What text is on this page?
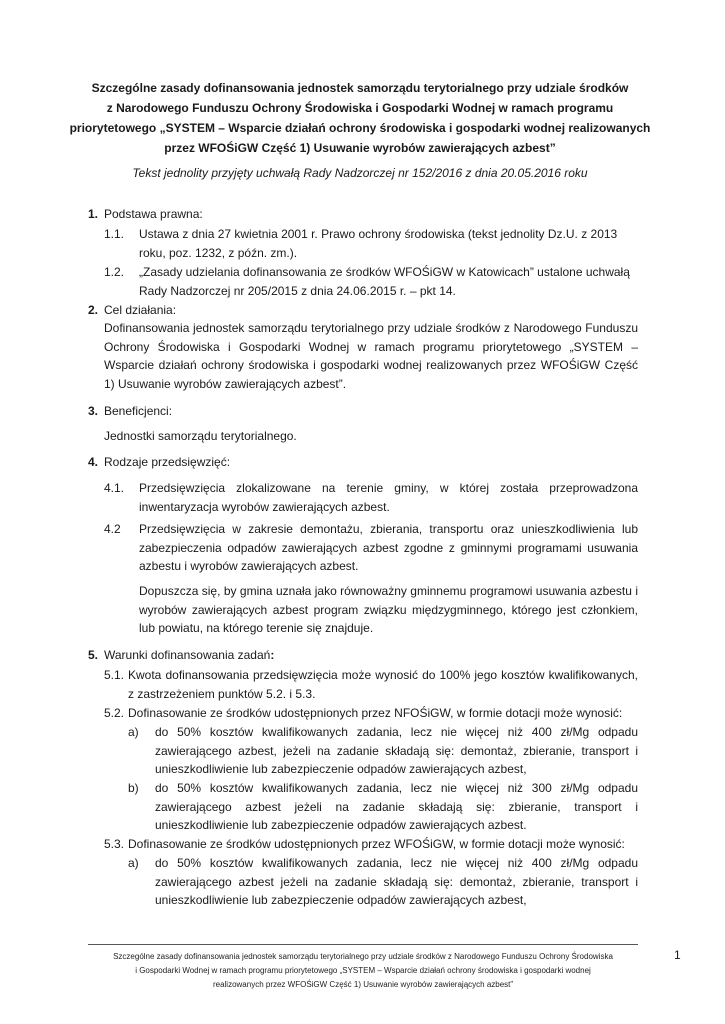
Szczególne zasady dofinansowania jednostek samorządu terytorialnego przy udziale środków
z Narodowego Funduszu Ochrony Środowiska i Gospodarki Wodnej w ramach programu
priorytetowego „SYSTEM – Wsparcie działań ochrony środowiska i gospodarki wodnej realizowanych
przez WFOŚiGW Część 1) Usuwanie wyrobów zawierających azbest”
Tekst jednolity przyjęty uchwałą Rady Nadzorczej nr 152/2016 z dnia 20.05.2016 roku
1. Podstawa prawna:
1.1. Ustawa z dnia 27 kwietnia 2001 r. Prawo ochrony środowiska (tekst jednolity Dz.U. z 2013
roku, poz. 1232, z późn. zm.).
1.2. „Zasady udzielania dofinansowania ze środków WFOŚiGW w Katowicach” ustalone uchwałą
Rady Nadzorczej nr 205/2015 z dnia 24.06.2015 r. – pkt 14.
2. Cel działania:
Dofinansowania jednostek samorządu terytorialnego przy udziale środków z Narodowego Funduszu Ochrony Środowiska i Gospodarki Wodnej w ramach programu priorytetowego „SYSTEM – Wsparcie działań ochrony środowiska i gospodarki wodnej realizowanych przez WFOŚiGW Część 1) Usuwanie wyrobów zawierających azbest”.
3. Beneficjenci:
Jednostki samorządu terytorialnego.
4. Rodzaje przedsięwzięć:
4.1. Przedsięwzięcia zlokalizowane na terenie gminy, w której została przeprowadzona inwentaryzacja wyrobów zawierających azbest.
4.2 Przedsięwzięcia w zakresie demontażu, zbierania, transportu oraz unieszkodliwienia lub zabezpieczenia odpadów zawierających azbest zgodne z gminnymi programami usuwania azbestu i wyrobów zawierających azbest.
Dopuszcza się, by gmina uznała jako równoważny gminnemu programowi usuwania azbestu i wyrobów zawierających azbest program związku międzygminnego, którego jest członkiem, lub powiatu, na którego terenie się znajduje.
5. Warunki dofinansowania zadań:
5.1. Kwota dofinansowania przedsięwzięcia może wynosić do 100% jego kosztów kwalifikowanych, z zastrzeżeniem punktów 5.2. i 5.3.
5.2. Dofinasowanie ze środków udostępnionych przez NFOŚiGW, w formie dotacji może wynosić:
a) do 50% kosztów kwalifikowanych zadania, lecz nie więcej niż 400 zł/Mg odpadu zawierającego azbest, jeżeli na zadanie składają się: demontaż, zbieranie, transport i unieszkodliwienie lub zabezpieczenie odpadów zawierających azbest,
b) do 50% kosztów kwalifikowanych zadania, lecz nie więcej niż 300 zł/Mg odpadu zawierającego azbest jeżeli na zadanie składają się: zbieranie, transport i unieszkodliwienie lub zabezpieczenie odpadów zawierających azbest.
5.3. Dofinasowanie ze środków udostępnionych przez WFOŚiGW, w formie dotacji może wynosić:
a) do 50% kosztów kwalifikowanych zadania, lecz nie więcej niż 400 zł/Mg odpadu zawierającego azbest jeżeli na zadanie składają się: demontaż, zbieranie, transport i unieszkodliwienie lub zabezpieczenie odpadów zawierających azbest,
Szczególne zasady dofinansowania jednostek samorządu terytorialnego przy udziale środków z Narodowego Funduszu Ochrony Środowiska
i Gospodarki Wodnej w ramach programu priorytetowego „SYSTEM – Wsparcie działań ochrony środowiska i gospodarki wodnej
realizowanych przez WFOŚiGW Część 1) Usuwanie wyrobów zawierających azbest”
1
